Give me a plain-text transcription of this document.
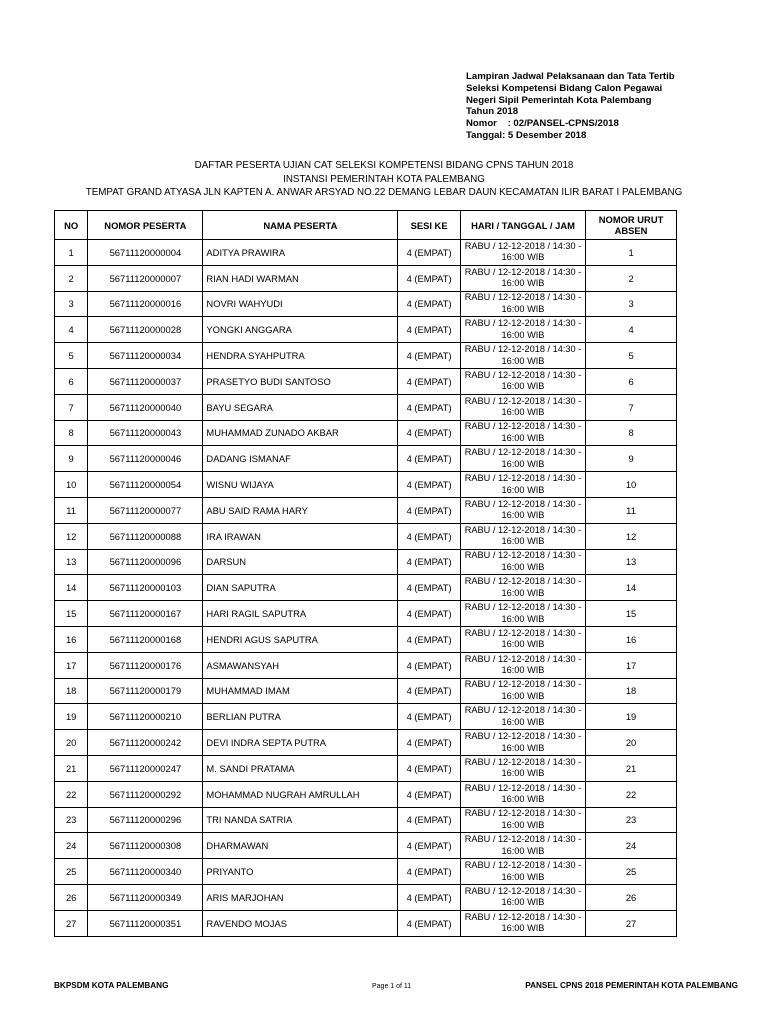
Lampiran Jadwal Pelaksanaan dan Tata Tertib
Seleksi Kompetensi Bidang Calon Pegawai
Negeri Sipil Pemerintah Kota Palembang
Tahun 2018
Nomor    : 02/PANSEL-CPNS/2018
Tanggal: 5 Desember 2018
DAFTAR PESERTA UJIAN CAT SELEKSI KOMPETENSI BIDANG CPNS TAHUN 2018
INSTANSI PEMERINTAH KOTA PALEMBANG
TEMPAT GRAND ATYASA JLN KAPTEN A. ANWAR ARSYAD NO.22 DEMANG LEBAR DAUN KECAMATAN ILIR BARAT I PALEMBANG
NO	NOMOR PESERTA	NAMA PESERTA	SESI KE	HARI / TANGGAL / JAM	NOMOR URUT ABSEN
1	56711120000004	ADITYA PRAWIRA	4 (EMPAT)	RABU / 12-12-2018 / 14:30 - 16:00 WIB	1
2	56711120000007	RIAN HADI WARMAN	4 (EMPAT)	RABU / 12-12-2018 / 14:30 - 16:00 WIB	2
3	56711120000016	NOVRI WAHYUDI	4 (EMPAT)	RABU / 12-12-2018 / 14:30 - 16:00 WIB	3
4	56711120000028	YONGKI ANGGARA	4 (EMPAT)	RABU / 12-12-2018 / 14:30 - 16:00 WIB	4
5	56711120000034	HENDRA SYAHPUTRA	4 (EMPAT)	RABU / 12-12-2018 / 14:30 - 16:00 WIB	5
6	56711120000037	PRASETYO BUDI SANTOSO	4 (EMPAT)	RABU / 12-12-2018 / 14:30 - 16:00 WIB	6
7	56711120000040	BAYU SEGARA	4 (EMPAT)	RABU / 12-12-2018 / 14:30 - 16:00 WIB	7
8	56711120000043	MUHAMMAD ZUNADO AKBAR	4 (EMPAT)	RABU / 12-12-2018 / 14:30 - 16:00 WIB	8
9	56711120000046	DADANG ISMANAF	4 (EMPAT)	RABU / 12-12-2018 / 14:30 - 16:00 WIB	9
10	56711120000054	WISNU WIJAYA	4 (EMPAT)	RABU / 12-12-2018 / 14:30 - 16:00 WIB	10
11	56711120000077	ABU SAID RAMA HARY	4 (EMPAT)	RABU / 12-12-2018 / 14:30 - 16:00 WIB	11
12	56711120000088	IRA IRAWAN	4 (EMPAT)	RABU / 12-12-2018 / 14:30 - 16:00 WIB	12
13	56711120000096	DARSUN	4 (EMPAT)	RABU / 12-12-2018 / 14:30 - 16:00 WIB	13
14	56711120000103	DIAN SAPUTRA	4 (EMPAT)	RABU / 12-12-2018 / 14:30 - 16:00 WIB	14
15	56711120000167	HARI RAGIL SAPUTRA	4 (EMPAT)	RABU / 12-12-2018 / 14:30 - 16:00 WIB	15
16	56711120000168	HENDRI AGUS SAPUTRA	4 (EMPAT)	RABU / 12-12-2018 / 14:30 - 16:00 WIB	16
17	56711120000176	ASMAWANSYAH	4 (EMPAT)	RABU / 12-12-2018 / 14:30 - 16:00 WIB	17
18	56711120000179	MUHAMMAD IMAM	4 (EMPAT)	RABU / 12-12-2018 / 14:30 - 16:00 WIB	18
19	56711120000210	BERLIAN PUTRA	4 (EMPAT)	RABU / 12-12-2018 / 14:30 - 16:00 WIB	19
20	56711120000242	DEVI INDRA SEPTA PUTRA	4 (EMPAT)	RABU / 12-12-2018 / 14:30 - 16:00 WIB	20
21	56711120000247	M. SANDI PRATAMA	4 (EMPAT)	RABU / 12-12-2018 / 14:30 - 16:00 WIB	21
22	56711120000292	MOHAMMAD NUGRAH AMRULLAH	4 (EMPAT)	RABU / 12-12-2018 / 14:30 - 16:00 WIB	22
23	56711120000296	TRI NANDA SATRIA	4 (EMPAT)	RABU / 12-12-2018 / 14:30 - 16:00 WIB	23
24	56711120000308	DHARMAWAN	4 (EMPAT)	RABU / 12-12-2018 / 14:30 - 16:00 WIB	24
25	56711120000340	PRIYANTO	4 (EMPAT)	RABU / 12-12-2018 / 14:30 - 16:00 WIB	25
26	56711120000349	ARIS MARJOHAN	4 (EMPAT)	RABU / 12-12-2018 / 14:30 - 16:00 WIB	26
27	56711120000351	RAVENDO MOJAS	4 (EMPAT)	RABU / 12-12-2018 / 14:30 - 16:00 WIB	27
BKPSDM KOTA PALEMBANG	Page 1 of 11	PANSEL CPNS 2018 PEMERINTAH KOTA PALEMBANG
